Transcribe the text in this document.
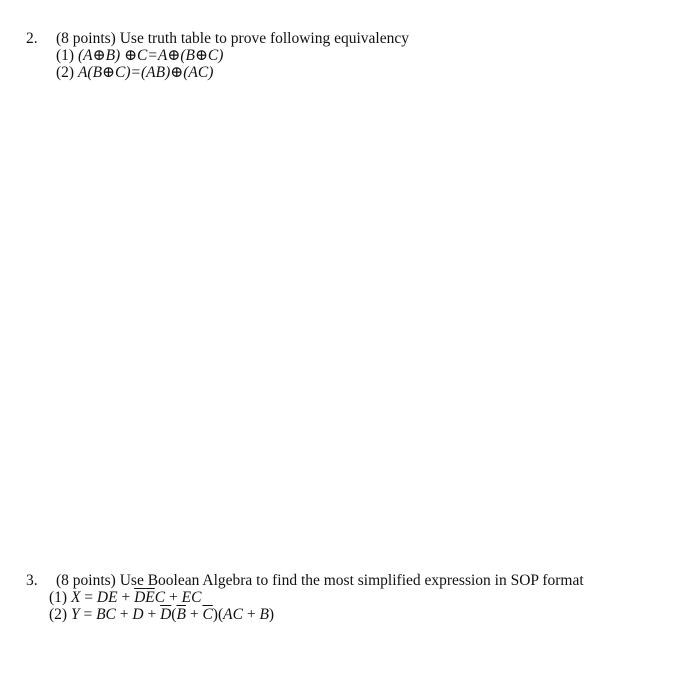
2.	(8 points) Use truth table to prove following equivalency
(1) (A⊕B) ⊕C=A⊕(B⊕C)
(2) A(B⊕C)=(AB)⊕(AC)
3.	(8 points) Use Boolean Algebra to find the most simplified expression in SOP format
(1) X = DE + $\overline{D}\overline{E}C$ + EC
(2) Y = BC + $D + \overline{D}(\overline{B} + \overline{C})(AC + B)$
